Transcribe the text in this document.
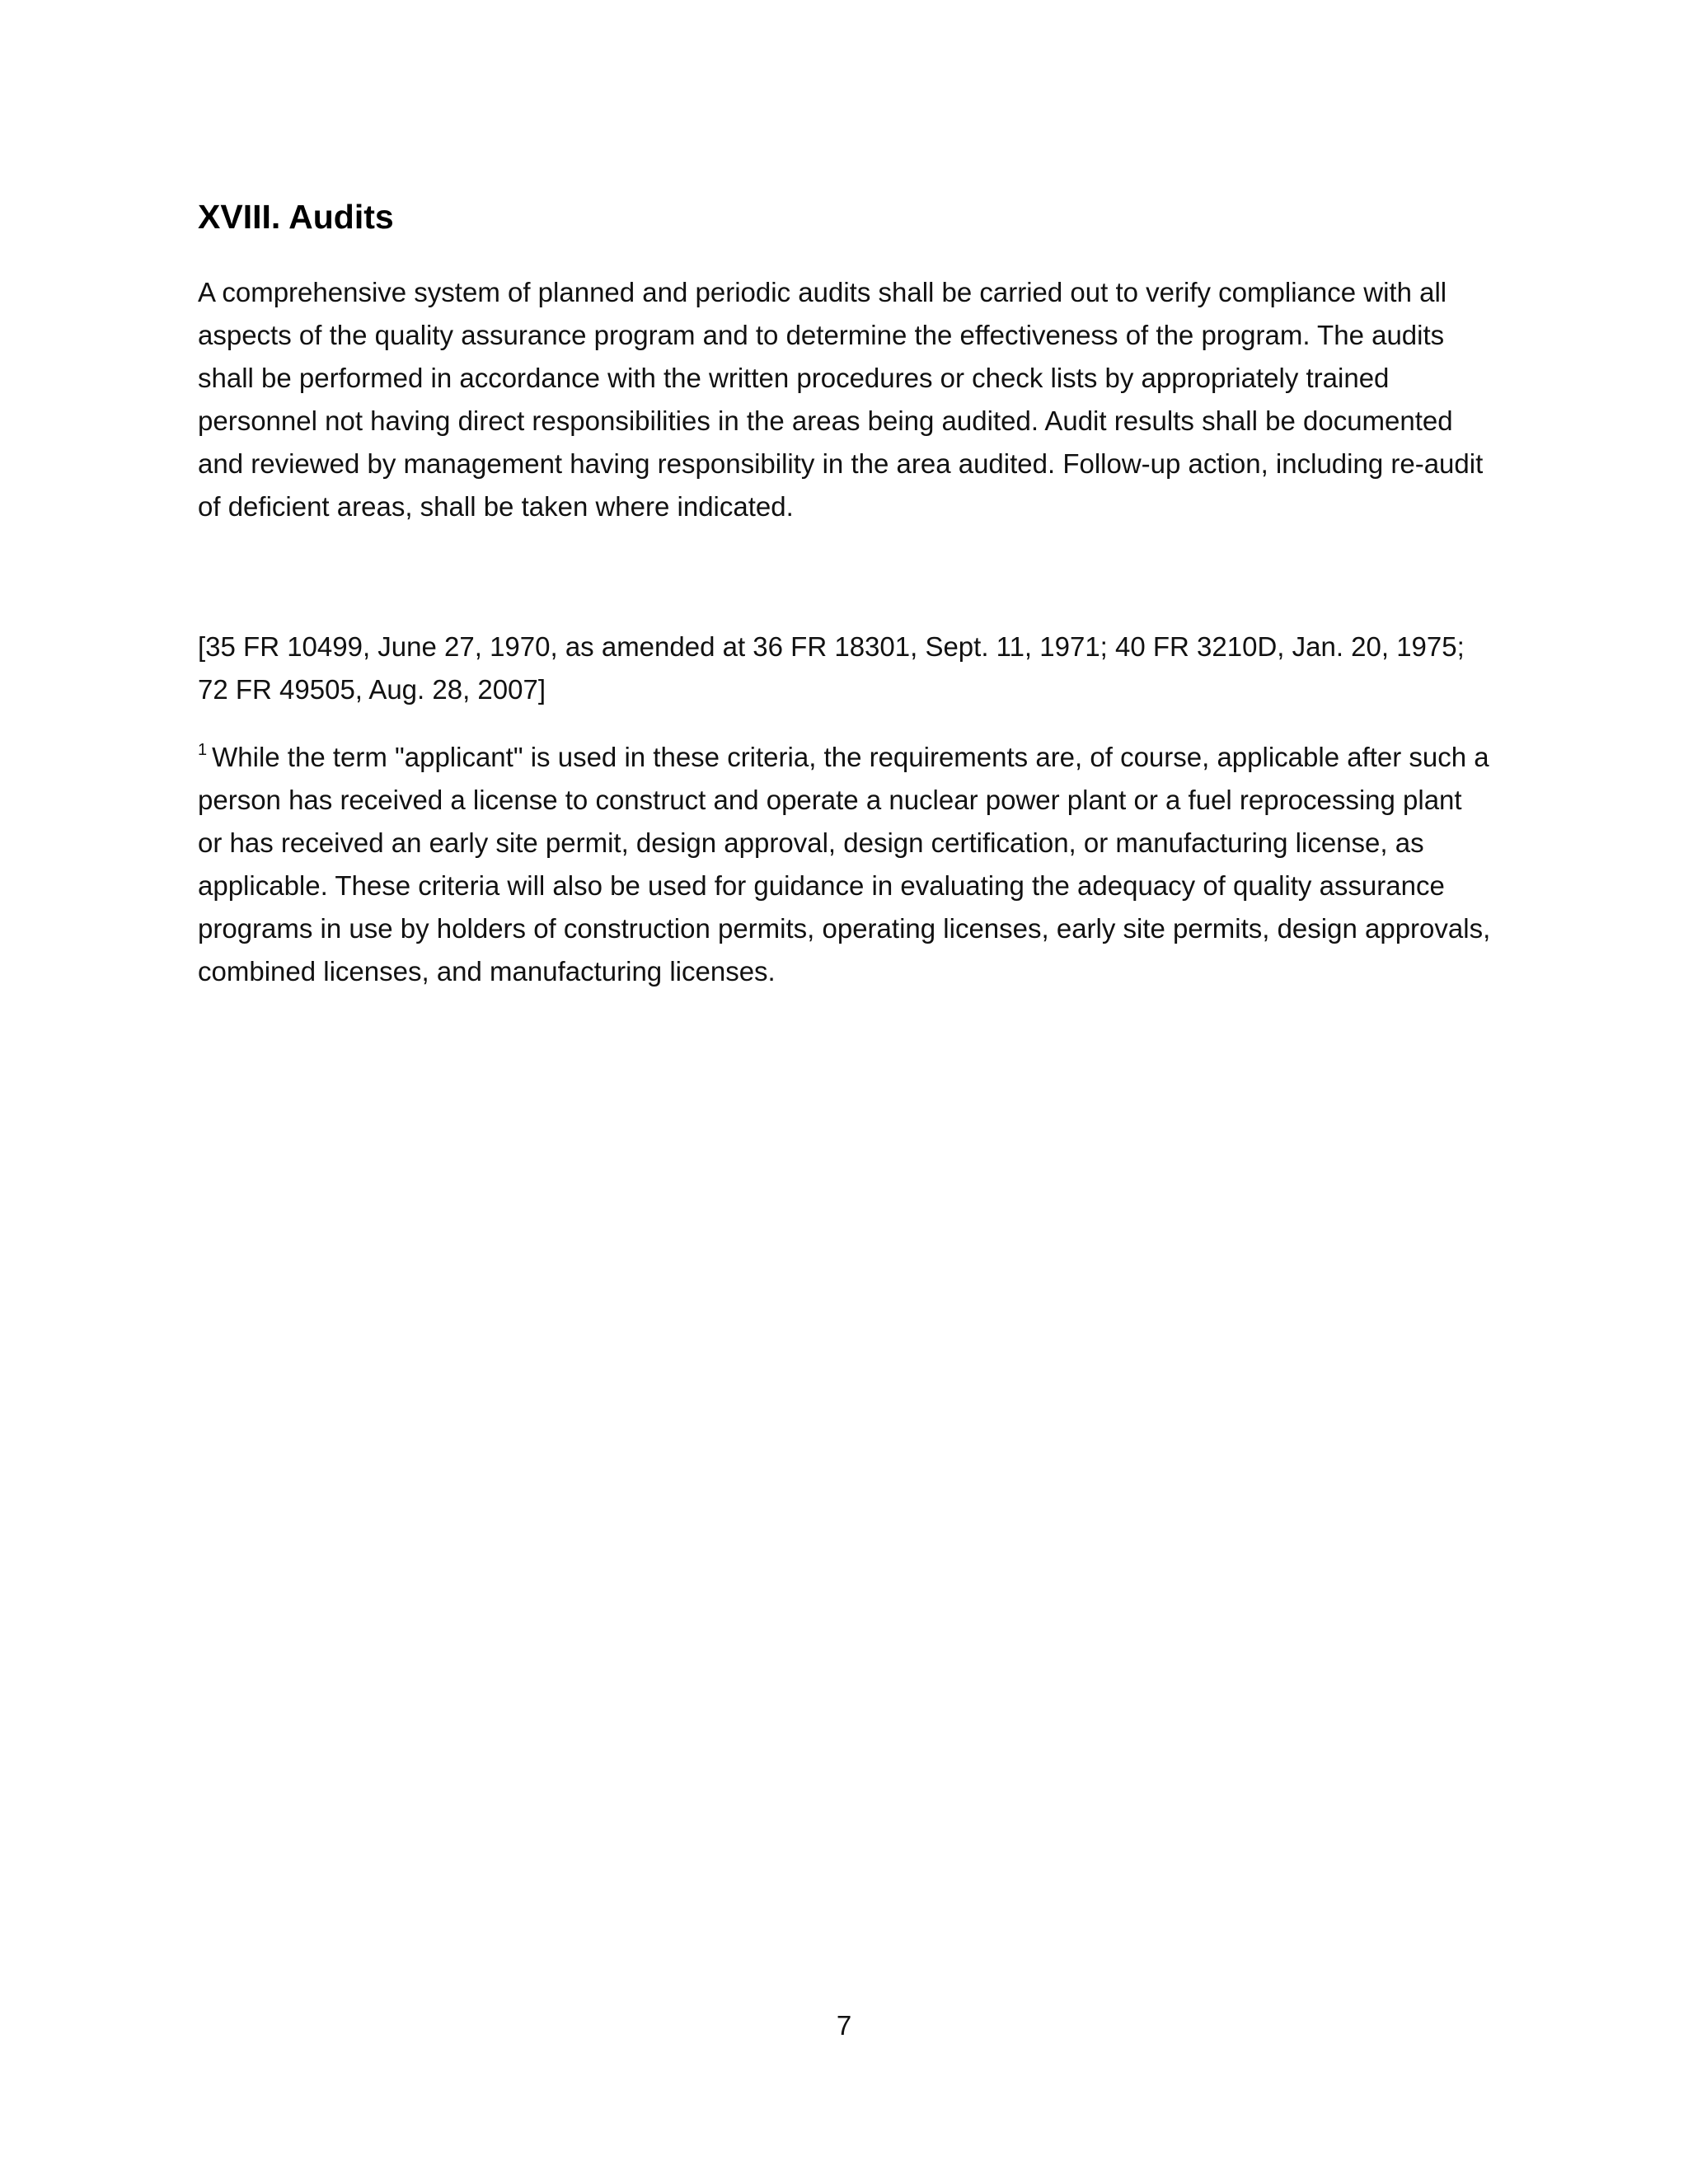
XVIII. Audits

A comprehensive system of planned and periodic audits shall be carried out to verify compliance with all aspects of the quality assurance program and to determine the effectiveness of the program. The audits shall be performed in accordance with the written procedures or check lists by appropriately trained personnel not having direct responsibilities in the areas being audited. Audit results shall be documented and reviewed by management having responsibility in the area audited. Follow-up action, including re-audit of deficient areas, shall be taken where indicated.

[35 FR 10499, June 27, 1970, as amended at 36 FR 18301, Sept. 11, 1971; 40 FR 3210D, Jan. 20, 1975; 72 FR 49505, Aug. 28, 2007]

$^1$ While the term "applicant" is used in these criteria, the requirements are, of course, applicable after such a person has received a license to construct and operate a nuclear power plant or a fuel reprocessing plant or has received an early site permit, design approval, design certification, or manufacturing license, as applicable. These criteria will also be used for guidance in evaluating the adequacy of quality assurance programs in use by holders of construction permits, operating licenses, early site permits, design approvals, combined licenses, and manufacturing licenses.

7
